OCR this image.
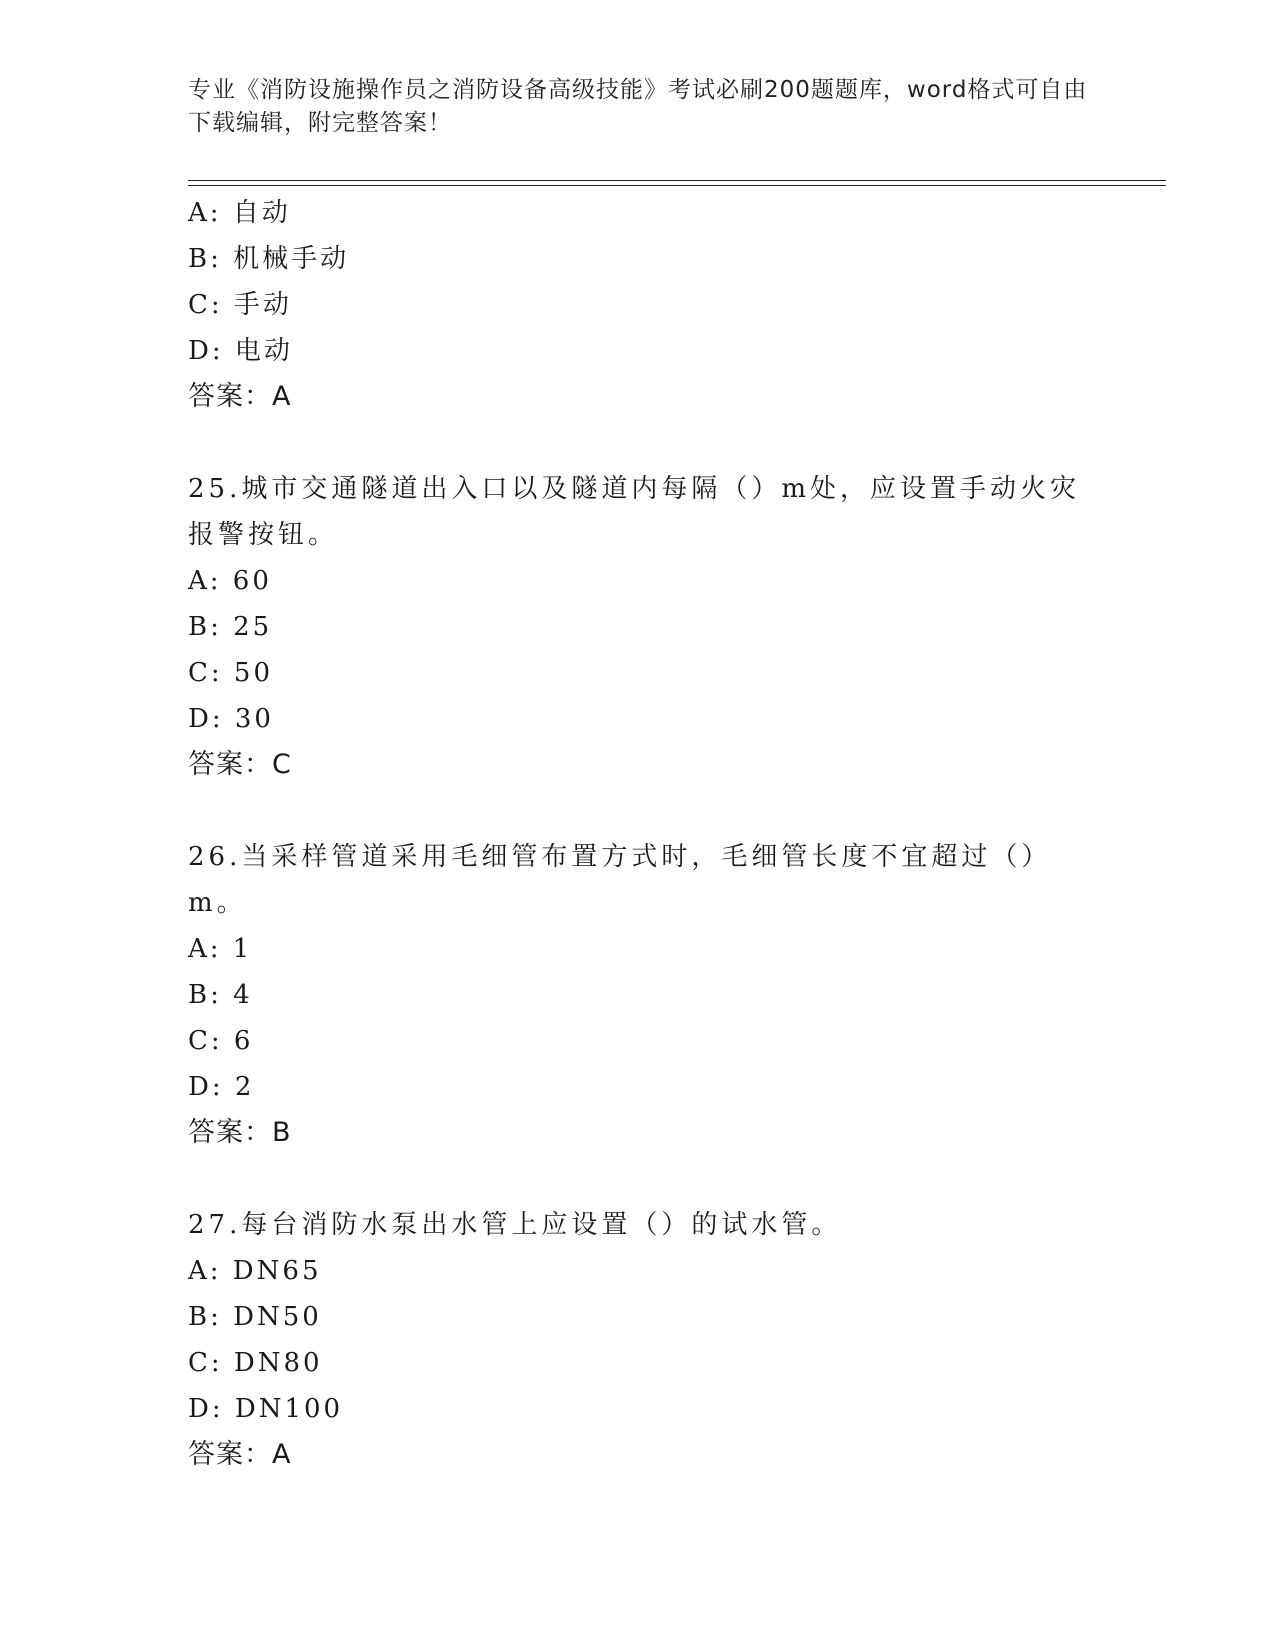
专业《消防设施操作员之消防设备高级技能》考试必刷200题题库，word格式可自由下载编辑，附完整答案！
A: 自动
B: 机械手动
C: 手动
D: 电动
答案：A
25.城市交通隧道出入口以及隧道内每隔（）m处，应设置手动火灾报警按钮。
A: 60
B: 25
C: 50
D: 30
答案：C
26.当采样管道采用毛细管布置方式时，毛细管长度不宜超过（）m。
A: 1
B: 4
C: 6
D: 2
答案：B
27.每台消防水泵出水管上应设置（）的试水管。
A: DN65
B: DN50
C: DN80
D: DN100
答案：A
